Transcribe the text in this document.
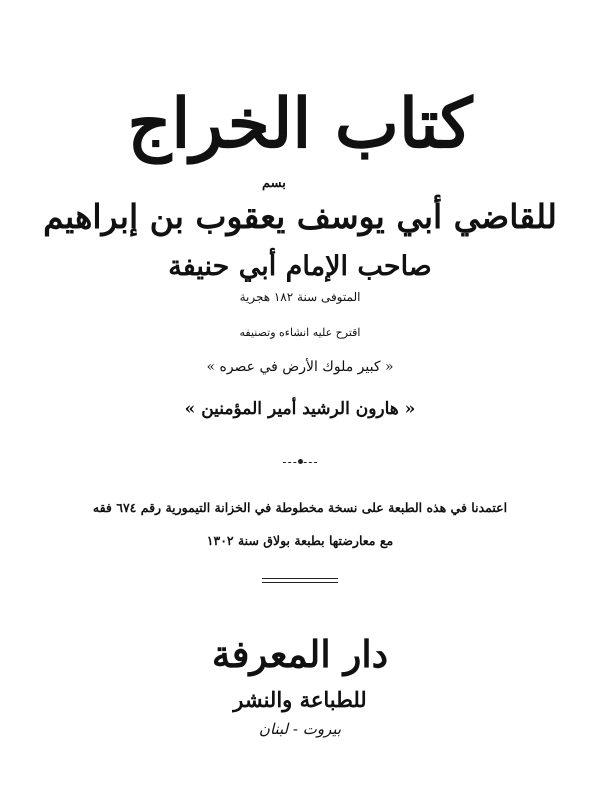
كتاب الخراج
بسم
للقاضي أبي يوسف يعقوب بن إبراهيم
صاحب الإمام أبي حنيفة
المتوفى سنة ١٨٢ هجرية
اقترح عليه انشاءه وتصنيفه
« كبير ملوك الأرض في عصره »
« هارون الرشيد أمير المؤمنين »
اعتمدنا في هذه الطبعة على نسخة مخطوطة في الخزانة التيمورية رقم ٦٧٤ فقه
مع معارضتها بطبعة بولاق سنة ١٣٠٢
دار المعرفة
للطباعة والنشر
بيروت - لبنان
